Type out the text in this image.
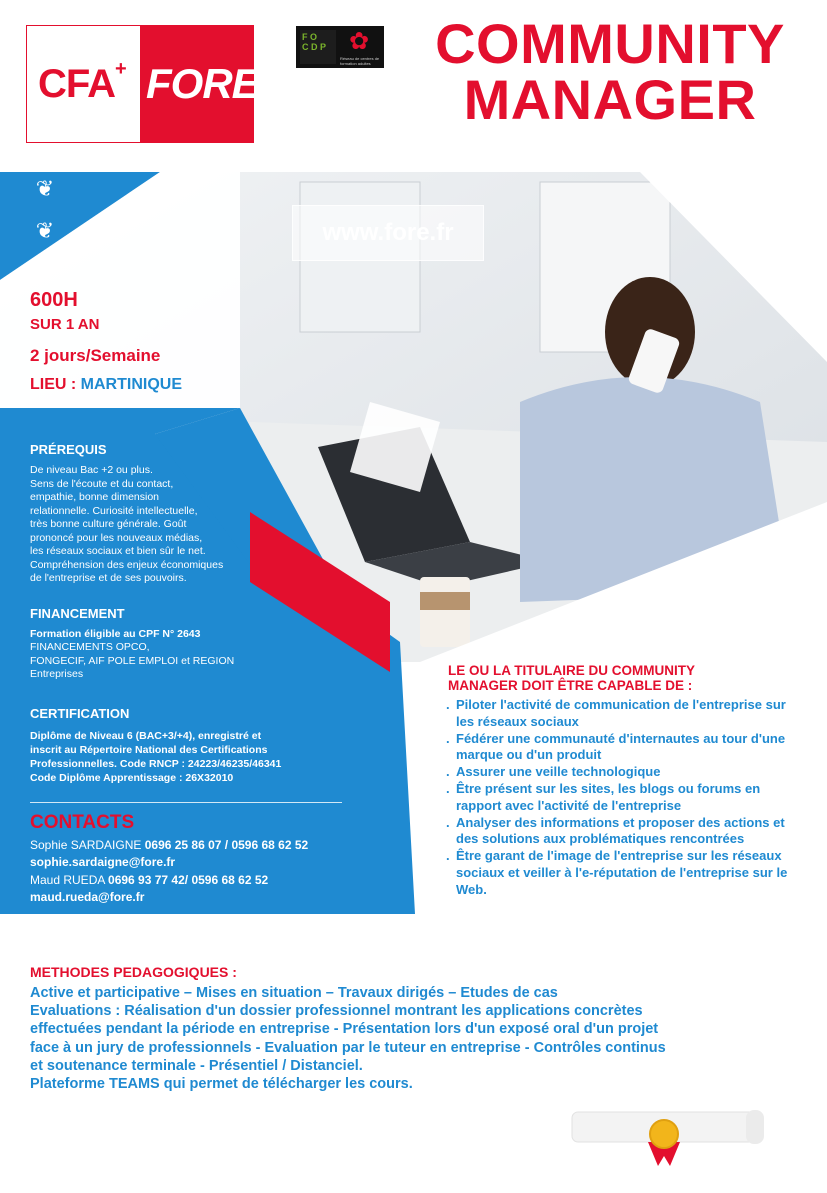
CFA+ FORE
F O
C D P ✿
Réseau de centres de formation adultes	COMMUNITY
MANAGER
www.fore.fr
❦
❦
600H
SUR 1 AN
2 jours/Semaine
LIEU : MARTINIQUE
PRÉREQUIS
De niveau Bac +2 ou plus.
Sens de l'écoute et du contact,
empathie, bonne dimension
relationnelle. Curiosité intellectuelle,
très bonne culture générale. Goût
prononcé pour les nouveaux médias,
les réseaux sociaux et bien sûr le net.
Compréhension des enjeux économiques
de l'entreprise et de ses pouvoirs.
FINANCEMENT
Formation éligible au CPF N° 2643
FINANCEMENTS OPCO,
FONGECIF, AIF POLE EMPLOI et REGION
Entreprises
CERTIFICATION
Diplôme de Niveau 6 (BAC+3/+4), enregistré et
inscrit au Répertoire National des Certifications
Professionnelles. Code RNCP : 24223/46235/46341
Code Diplôme Apprentissage : 26X32010
CONTACTS
Sophie SARDAIGNE 0696 25 86 07 / 0596 68 62 52
sophie.sardaigne@fore.fr
Maud RUEDA 0696 93 77 42/ 0596 68 62 52
maud.rueda@fore.fr
LE OU LA TITULAIRE DU COMMUNITY
MANAGER DOIT ÊTRE CAPABLE DE :
. Piloter l'activité de communication de l'entreprise sur les réseaux sociaux
. Fédérer une communauté d'internautes au tour d'une marque ou d'un produit
. Assurer une veille technologique
. Être présent sur les sites, les blogs ou forums en rapport avec l'activité de l'entreprise
. Analyser des informations et proposer des actions et des solutions aux problématiques rencontrées
. Être garant de l'image de l'entreprise sur les réseaux sociaux et veiller à l'e-réputation de l'entreprise sur le Web.
METHODES PEDAGOGIQUES :
Active et participative – Mises en situation – Travaux dirigés – Etudes de cas
Evaluations : Réalisation d'un dossier professionnel montrant les applications concrètes
effectuées pendant la période en entreprise - Présentation lors d'un exposé oral d'un projet
face à un jury de professionnels - Evaluation par le tuteur en entreprise - Contrôles continus
et soutenance terminale - Présentiel / Distanciel.
Plateforme TEAMS qui permet de télécharger les cours.
